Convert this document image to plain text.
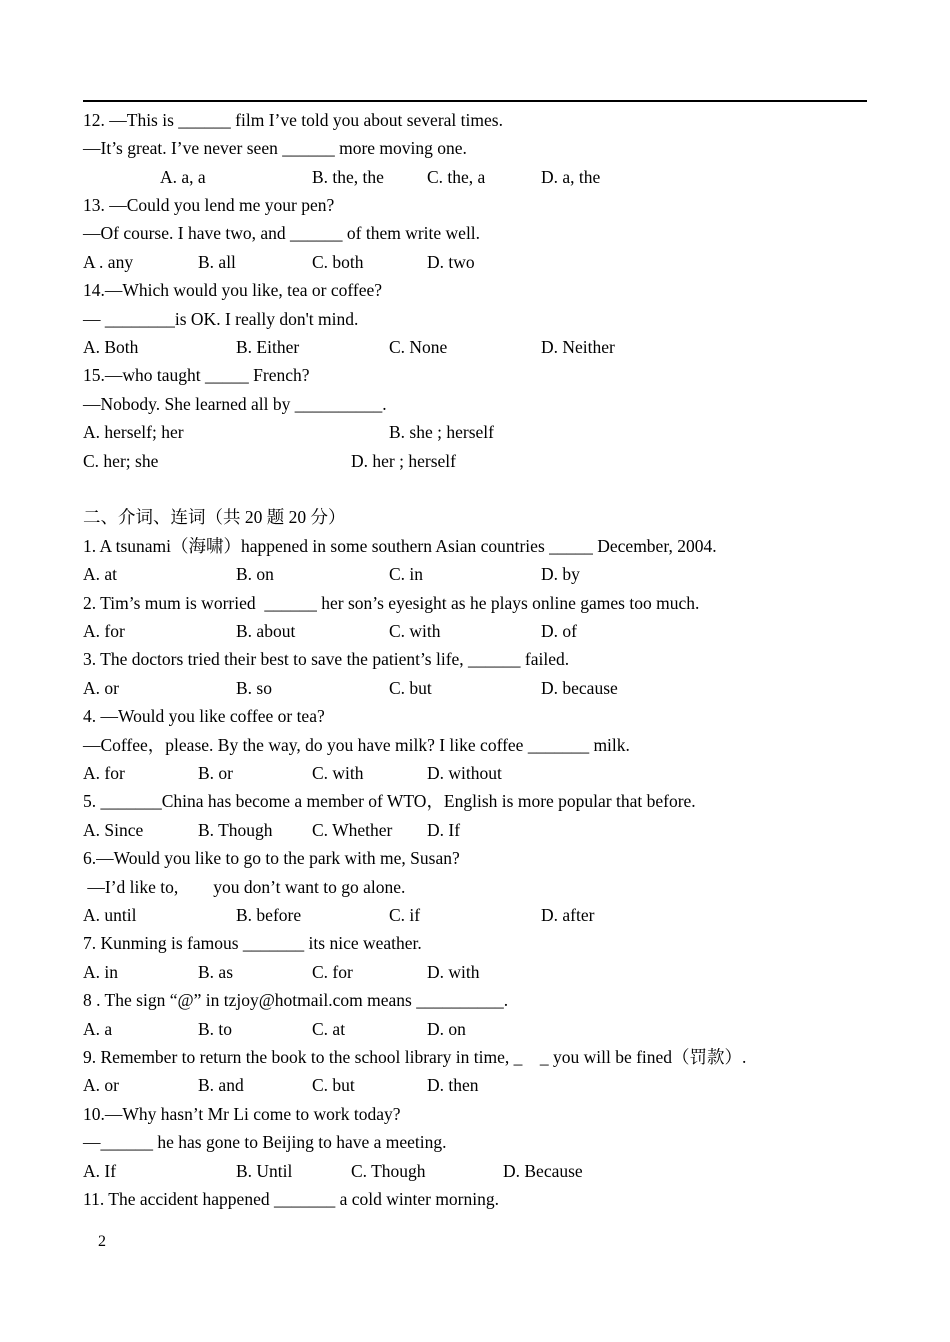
12. —This is ______ film I’ve told you about several times.
—It’s great. I’ve never seen ______ more moving one.
A. a, a	B. the, the C. the, a	D. a, the
13. —Could you lend me your pen?
—Of course. I have two, and ______ of them write well.
A . any	B. all	C. both	D. two
14.—Which would you like, tea or coffee?
— ________is OK. I really don't mind.
A. Both	B. Either	C. None	D. Neither
15.—who taught _____ French?
—Nobody. She learned all by __________.
A. herself; her	B. she ; herself
C. her; she	D. her ; herself
二、介词、连词（共 20 题 20 分）
1. A tsunami（海啸）happened in some southern Asian countries _____ December, 2004.
A. at	B. on	C. in	D. by
2. Tim’s mum is worried  ______ her son’s eyesight as he plays online games too much.
A. for	B. about	C. with	D. of
3. The doctors tried their best to save the patient’s life, ______ failed.
A. or	B. so	C. but	D. because
4. —Would you like coffee or tea?
—Coffee，please. By the way, do you have milk? I like coffee _______ milk.
A. for	B. or	C. with	D. without
5. _______China has become a member of WTO，English is more popular that before.
A. Since	B. Though C. Whether D. If
6.—Would you like to go to the park with me, Susan?
—I’d like to,        you don’t want to go alone.
A. until	B. before	C. if	D. after
7. Kunming is famous _______ its nice weather.
A. in	B. as	C. for	D. with
8 . The sign “@” in tzjoy@hotmail.com means __________.
A. a	B. to	C. at	D. on
9. Remember to return the book to the school library in time, _    _ you will be fined（罚款）.
A. or	B. and	C. but	D. then
10.—Why hasn’t Mr Li come to work today?
—______ he has gone to Beijing to have a meeting.
A. If	B. Until	C. Though	D. Because
11. The accident happened _______ a cold winter morning.
2
